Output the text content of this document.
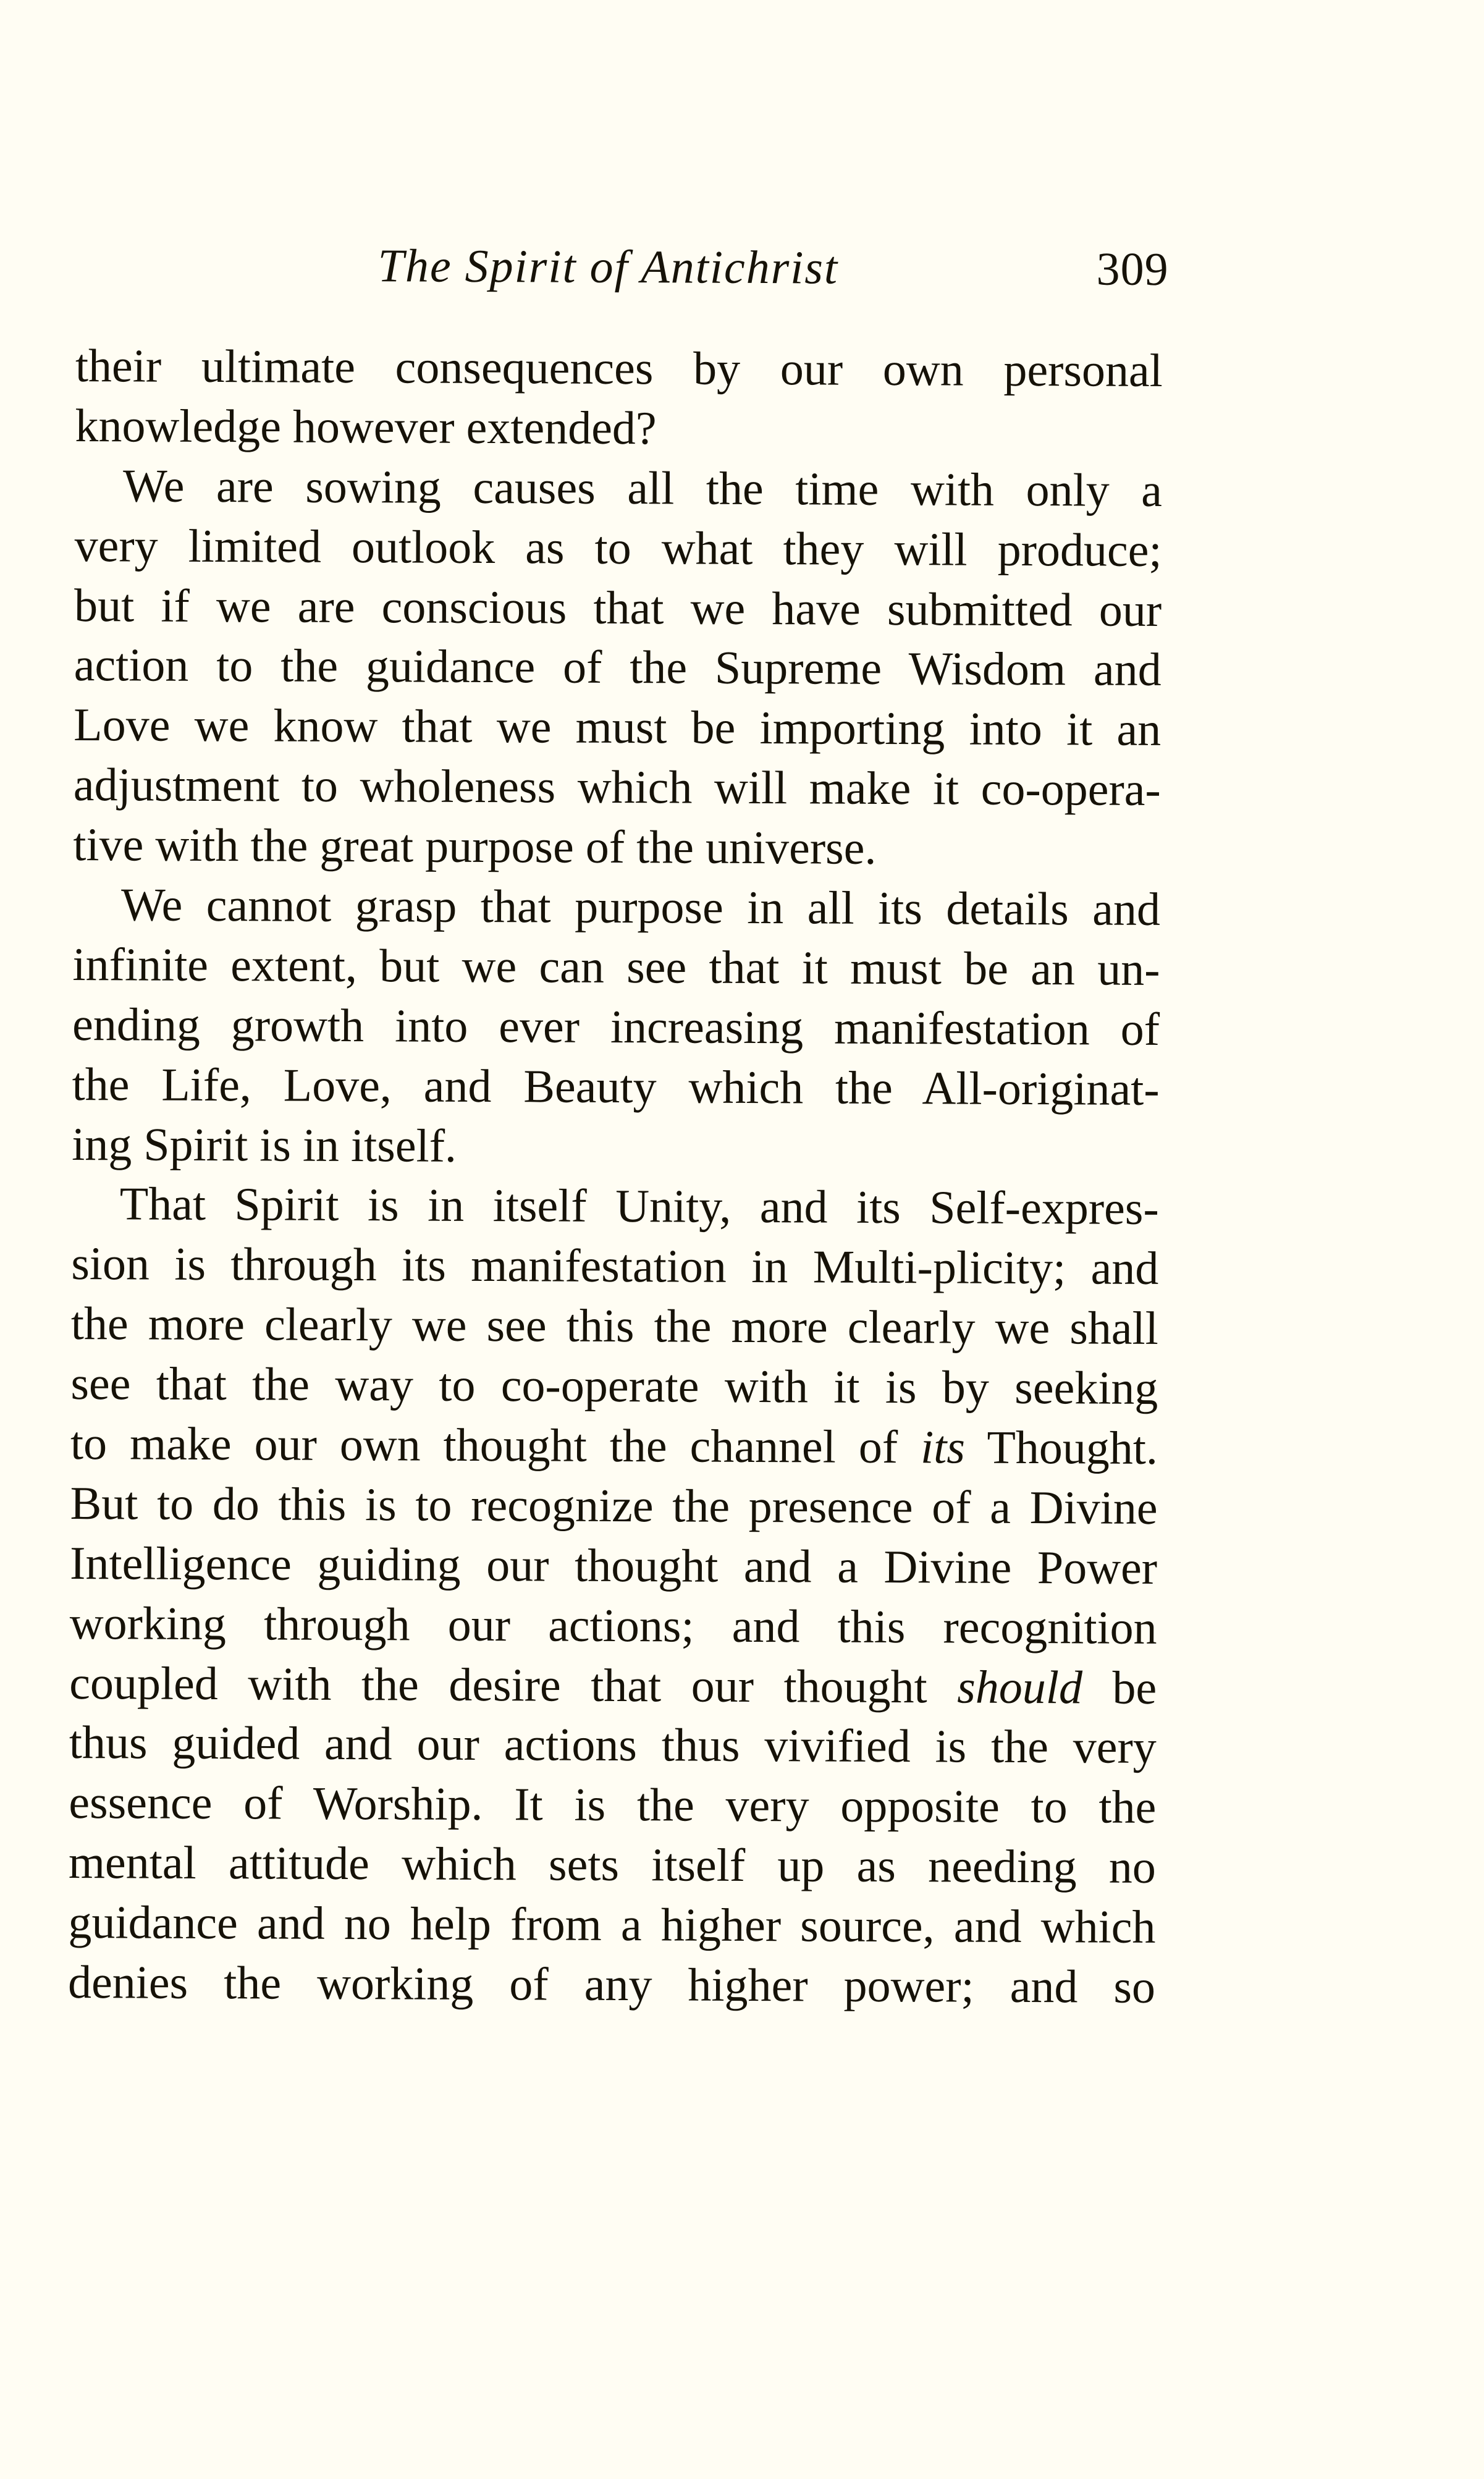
The Spirit of Antichrist	309
their ultimate consequences by our own personal
knowledge however extended?
We are sowing causes all the time with only a
very limited outlook as to what they will produce;
but if we are conscious that we have submitted our
action to the guidance of the Supreme Wisdom and
Love we know that we must be importing into it an
adjustment to wholeness which will make it co-opera-
tive with the great purpose of the universe.
We cannot grasp that purpose in all its details and
infinite extent, but we can see that it must be an un-
ending growth into ever increasing manifestation of
the Life, Love, and Beauty which the All-originat-
ing Spirit is in itself.
That Spirit is in itself Unity, and its Self-expres-
sion is through its manifestation in Multi-plicity; and
the more clearly we see this the more clearly we shall
see that the way to co-operate with it is by seeking
to make our own thought the channel of its Thought.
But to do this is to recognize the presence of a Divine
Intelligence guiding our thought and a Divine Power
working through our actions; and this recognition
coupled with the desire that our thought should be
thus guided and our actions thus vivified is the very
essence of Worship. It is the very opposite to the
mental attitude which sets itself up as needing no
guidance and no help from a higher source, and which
denies the working of any higher power; and so
